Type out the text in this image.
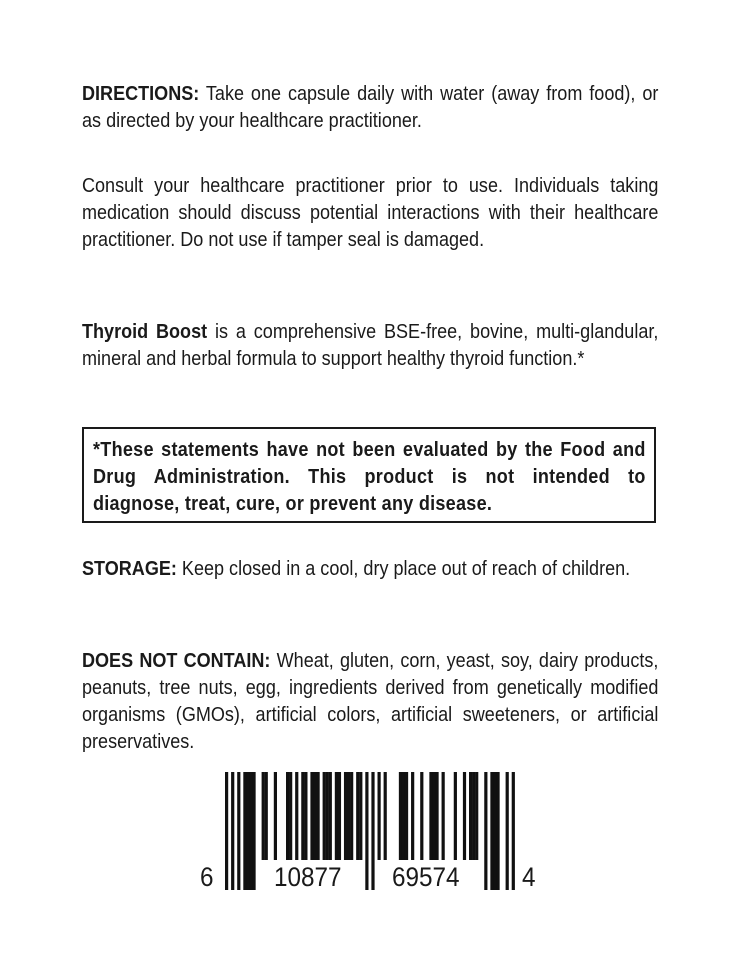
DIRECTIONS: Take one capsule daily with water (away from food), or as directed by your healthcare practitioner.
Consult your healthcare practitioner prior to use. Individuals taking medication should discuss potential interactions with their healthcare practitioner. Do not use if tamper seal is damaged.
Thyroid Boost is a comprehensive BSE-free, bovine, multi-glandular, mineral and herbal formula to support healthy thyroid function.*
*These statements have not been evaluated by the Food and Drug Administration. This product is not intended to diagnose, treat, cure, or prevent any disease.
STORAGE: Keep closed in a cool, dry place out of reach of children.
DOES NOT CONTAIN: Wheat, gluten, corn, yeast, soy, dairy products, peanuts, tree nuts, egg, ingredients derived from genetically modified organisms (GMOs), artificial colors, artificial sweeteners, or artificial preservatives.
6 10877 69574 4
